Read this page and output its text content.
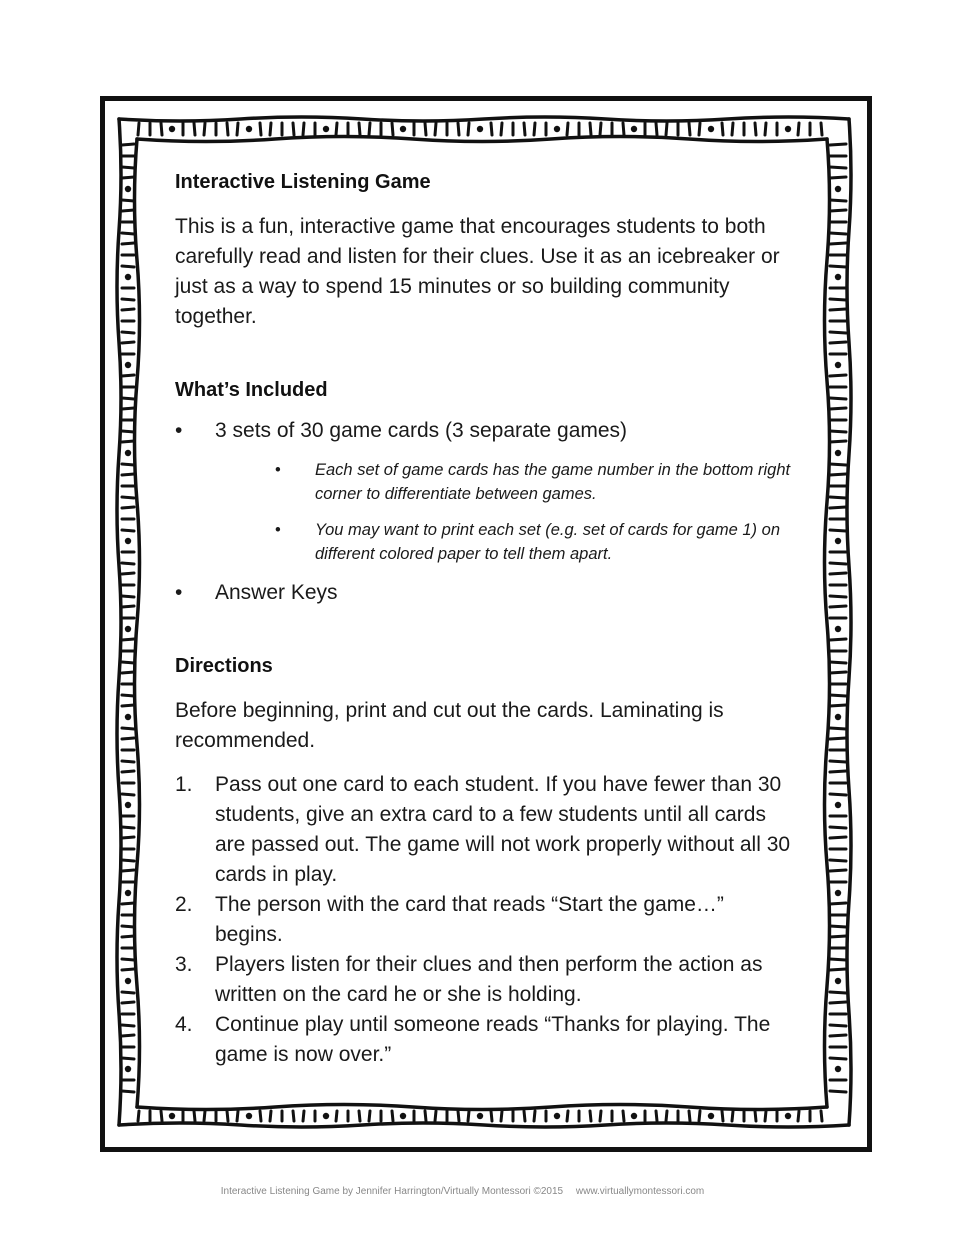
Interactive Listening Game

This is a fun, interactive game that encourages students to both carefully read and listen for their clues. Use it as an icebreaker or just as a way to spend 15 minutes or so building community together.

What’s Included
•	3 sets of 30 game cards (3 separate games)
•	Each set of game cards has the game number in the bottom right corner to differentiate between games.
•	You may want to print each set (e.g. set of cards for game 1) on different colored paper to tell them apart.
•	Answer Keys
Directions

Before beginning, print and cut out the cards. Laminating is recommended.

1. Pass out one card to each student. If you have fewer than 30 students, give an extra card to a few students until all cards are passed out. The game will not work properly without all 30 cards in play.
2. The person with the card that reads “Start the game…” begins.
3. Players listen for their clues and then perform the action as written on the card he or she is holding.
4. Continue play until someone reads “Thanks for playing. The game is now over.”
Interactive Listening Game by Jennifer Harrington/Virtually Montessori ©2015 www.virtuallymontessori.com
